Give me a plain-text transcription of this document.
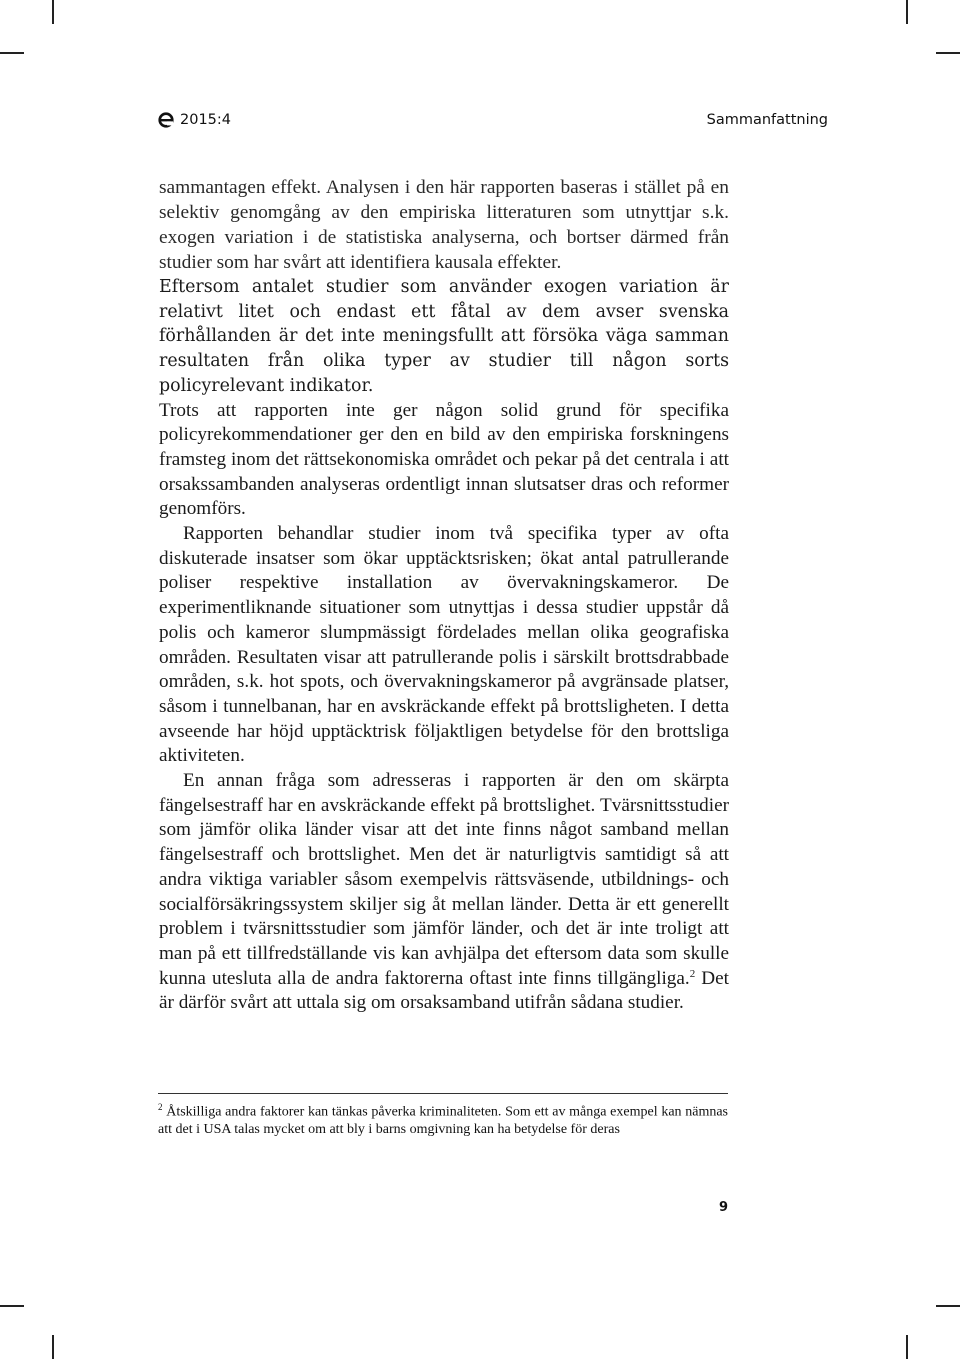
2015:4	Sammanfattning

sammantagen effekt. Analysen i den här rapporten baseras i stället på en selektiv genomgång av den empiriska litteraturen som utnyttjar s.k. exogen variation i de statistiska analyserna, och bortser därmed från studier som har svårt att identifiera kausala effekter.

Eftersom antalet studier som använder exogen variation är relativt litet och endast ett fåtal av dem avser svenska förhållanden är det inte meningsfullt att försöka väga samman resultaten från olika typer av studier till någon sorts policyrelevant indikator.

Trots att rapporten inte ger någon solid grund för specifika policyrekommendationer ger den en bild av den empiriska forskningens framsteg inom det rättsekonomiska området och pekar på det centrala i att orsakssambanden analyseras ordentligt innan slutsatser dras och reformer genomförs.

Rapporten behandlar studier inom två specifika typer av ofta diskuterade insatser som ökar upptäcktsrisken; ökat antal patrullerande poliser respektive installation av övervakningskameror. De experimentliknande situationer som utnyttjas i dessa studier uppstår då polis och kameror slumpmässigt fördelades mellan olika geografiska områden. Resultaten visar att patrullerande polis i särskilt brottsdrabbade områden, s.k. hot spots, och övervakningskameror på avgränsade platser, såsom i tunnelbanan, har en avskräckande effekt på brottsligheten. I detta avseende har höjd upptäcktrisk följaktligen betydelse för den brottsliga aktiviteten.

En annan fråga som adresseras i rapporten är den om skärpta fängelsestraff har en avskräckande effekt på brottslighet. Tvärsnittsstudier som jämför olika länder visar att det inte finns något samband mellan fängelsestraff och brottslighet. Men det är naturligtvis samtidigt så att andra viktiga variabler såsom exempelvis rättsväsende, utbildnings- och socialförsäkringssystem skiljer sig åt mellan länder. Detta är ett generellt problem i tvärsnittsstudier som jämför länder, och det är inte troligt att man på ett tillfredställande vis kan avhjälpa det eftersom data som skulle kunna utesluta alla de andra faktorerna oftast inte finns tillgängliga.$^2$ Det är därför svårt att uttala sig om orsaksamband utifrån sådana studier.

$^2$ Åtskilliga andra faktorer kan tänkas påverka kriminaliteten. Som ett av många exempel kan nämnas att det i USA talas mycket om att bly i barns omgivning kan ha betydelse för deras
9
